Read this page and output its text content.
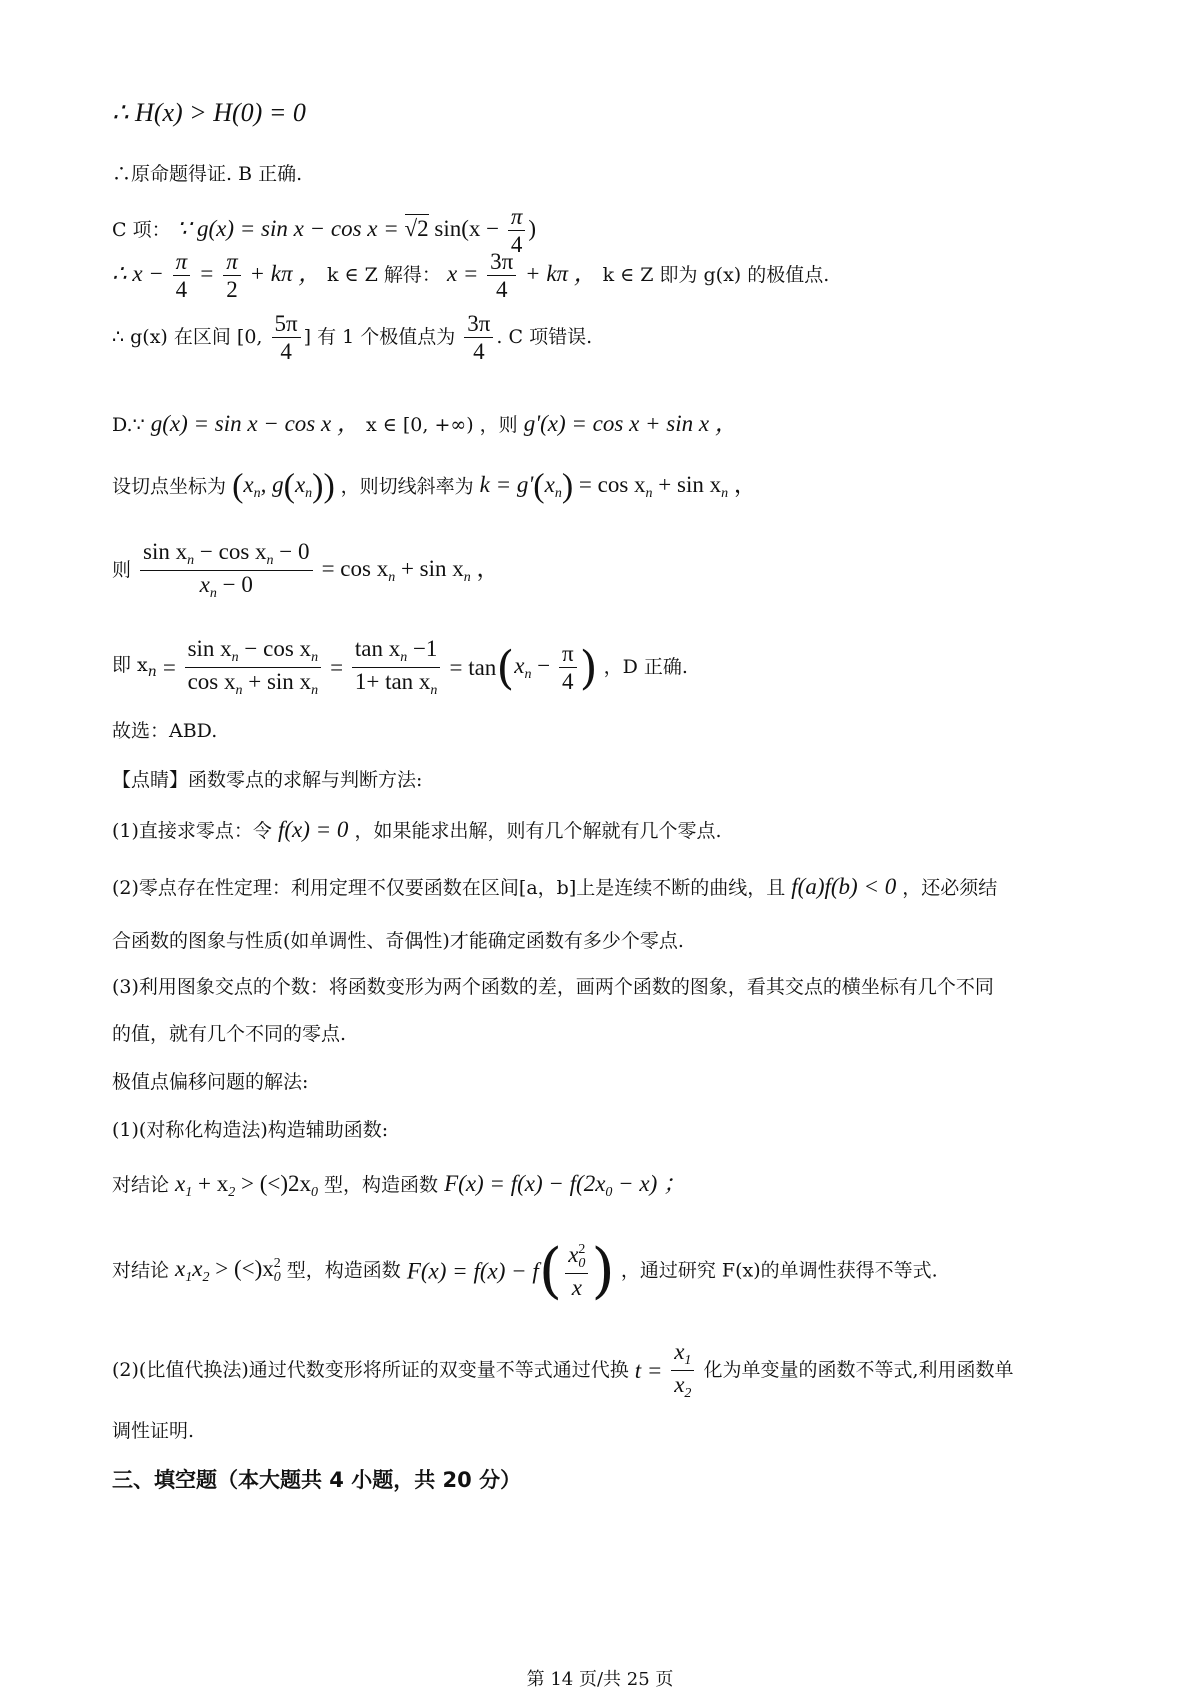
∴ H(x) > H(0) = 0
∴原命题得证. B 正确.
C 项： ∵ g(x) = sin x − cos x = √2 $\sin(x - \frac{\pi}{4}$ )
∴ $x - \frac{\pi}{4} = \frac{\pi}{2} + k\pi$ ， k ∈ Z 解得： $x = \frac{3\pi}{4} + k\pi$ ， k ∈ Z 即为 g(x) 的极值点.
∴ g(x) 在区间 [0, $\frac{5\pi}{4}$ ] 有 1 个极值点为 $\frac{3\pi}{4}$ . C 项错误.
D.∵ g(x) = sin x − cos x ， x ∈ [0, +∞) ，则 g'(x) = cos x + sin x ，
设切点坐标为 ($x_n$, $g(x_n)$) ，则切线斜率为 $k = g'(x_n) = \cos x_n + \sin x_n$ ，
则 $\frac{\sin x_n - \cos x_n - 0}{x_n - 0} = \cos x_n + \sin x_n$ ，
即 $x_n = \frac{\sin x_n - \cos x_n}{\cos x_n + \sin x_n} = \frac{\tan x_n -1}{1+ \tan x_n} = \tan(x_n - \frac{\pi}{4}$ ) ，D 正确.
故选：ABD.
【点睛】函数零点的求解与判断方法:
(1)直接求零点：令 f(x) = 0 ，如果能求出解，则有几个解就有几个零点.
(2)零点存在性定理：利用定理不仅要函数在区间[a，b]上是连续不断的曲线，且 f(a)f(b) < 0 ，还必须结
合函数的图象与性质(如单调性、奇偶性)才能确定函数有多少个零点.
(3)利用图象交点的个数：将函数变形为两个函数的差，画两个函数的图象，看其交点的横坐标有几个不同
的值，就有几个不同的零点.
极值点偏移问题的解法:
(1)(对称化构造法)构造辅助函数:
对结论 $x_1 + x_2 > (<)2x_0$ 型，构造函数 $F(x) = f(x) - f(2x_0 - x)$ ；
对结论 $x_1x_2 > (<)x_0^2$ 型，构造函数 $F(x) = f(x) - f( \frac{x_0^2}{x}$ ) ，通过研究 F(x)的单调性获得不等式.
(2)(比值代换法)通过代数变形将所证的双变量不等式通过代换 $t = \frac{x_1}{x_2}$ 化为单变量的函数不等式,利用函数单
调性证明.
三、填空题（本大题共 4 小题，共 20 分）
第 14 页/共 25 页
